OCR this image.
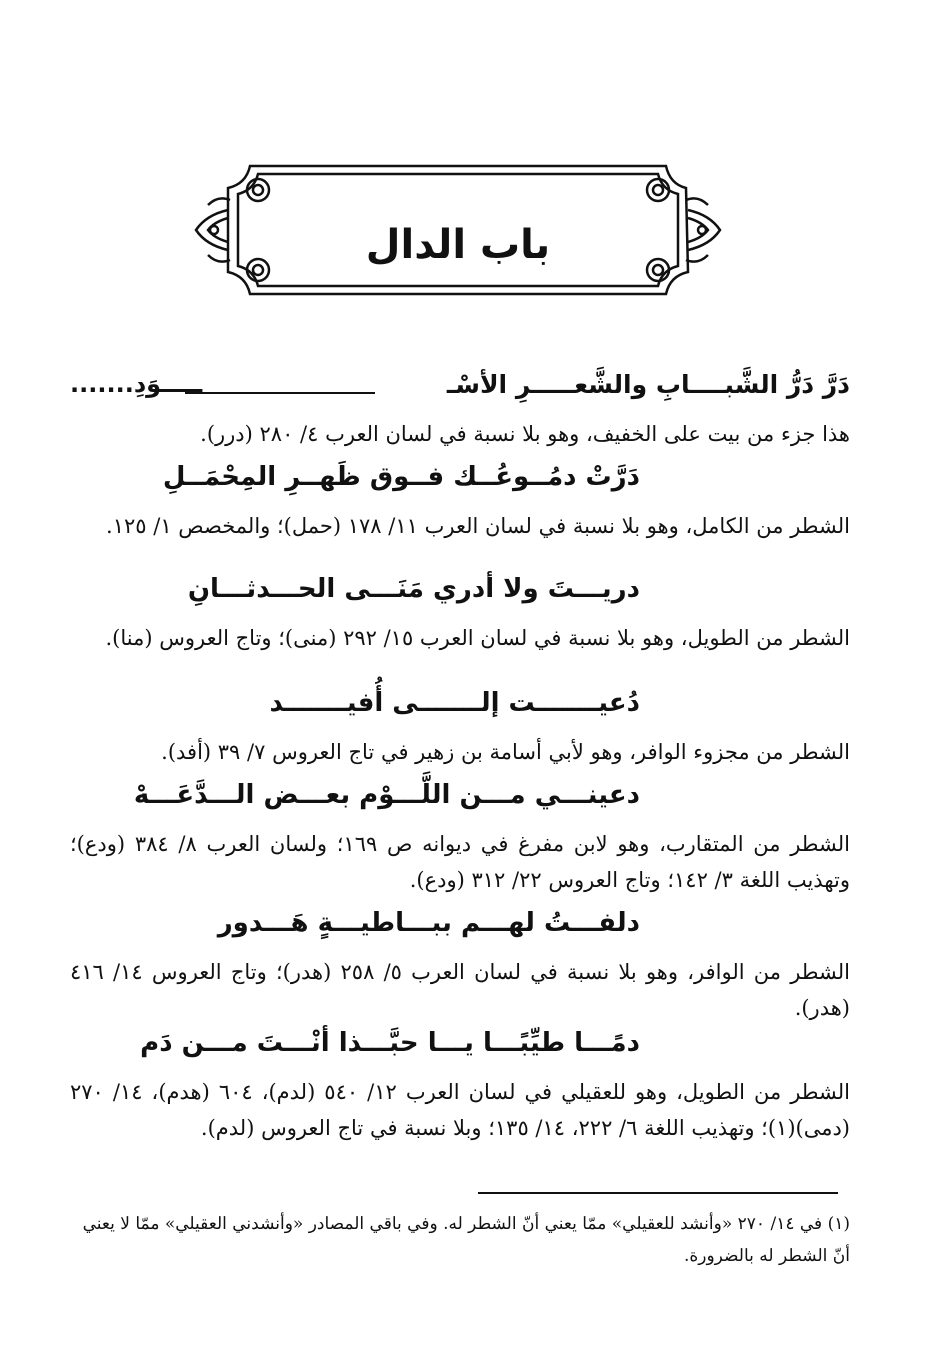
باب الدال
دَرَّ دَرُّ الشَّبــــابِ والشَّعـــــرِ الأسْـ
ـــــوَدِ.......
هذا جزء من بيت على الخفيف، وهو بلا نسبة في لسان العرب ٤/ ٢٨٠ (درر).
دَرَّتْ دمُــوعُــك فــوق ظَهــرِ المِحْمَــلِ
الشطر من الكامل، وهو بلا نسبة في لسان العرب ١١/ ١٧٨ (حمل)؛ والمخصص ١/ ١٢٥.
دريـــتَ ولا أدري مَنَـــى الحـــدثـــانِ
الشطر من الطويل، وهو بلا نسبة في لسان العرب ١٥/ ٢٩٢ (منى)؛ وتاج العروس (منا).
دُعيـــــــت إلـــــــى أُفيـــــــد
الشطر من مجزوء الوافر، وهو لأبي أسامة بن زهير في تاج العروس ٧/ ٣٩ (أفد).
دعينـــي مـــن اللَّـــوْم بعـــض الـــدَّعَـــهْ
الشطر من المتقارب، وهو لابن مفرغ في ديوانه ص ١٦٩؛ ولسان العرب ٨/ ٣٨٤ (ودع)؛ وتهذيب اللغة ٣/ ١٤٢؛ وتاج العروس ٢٢/ ٣١٢ (ودع).
دلفـــتُ لهـــم ببـــاطيـــةٍ هَـــدور
الشطر من الوافر، وهو بلا نسبة في لسان العرب ٥/ ٢٥٨ (هدر)؛ وتاج العروس ١٤/ ٤١٦ (هدر).
دمًـــا طيِّبًـــا يـــا حبَّـــذا أنْـــتَ مـــن دَم
الشطر من الطويل، وهو للعقيلي في لسان العرب ١٢/ ٥٤٠ (لدم)، ٦٠٤ (هدم)، ١٤/ ٢٧٠ (دمى)(١)؛ وتهذيب اللغة ٦/ ٢٢٢، ١٤/ ١٣٥؛ وبلا نسبة في تاج العروس (لدم).
(١) في ١٤/ ٢٧٠ «وأنشد للعقيلي» ممّا يعني أنّ الشطر له. وفي باقي المصادر «وأنشدني العقيلي» ممّا لا يعني أنّ الشطر له بالضرورة.
